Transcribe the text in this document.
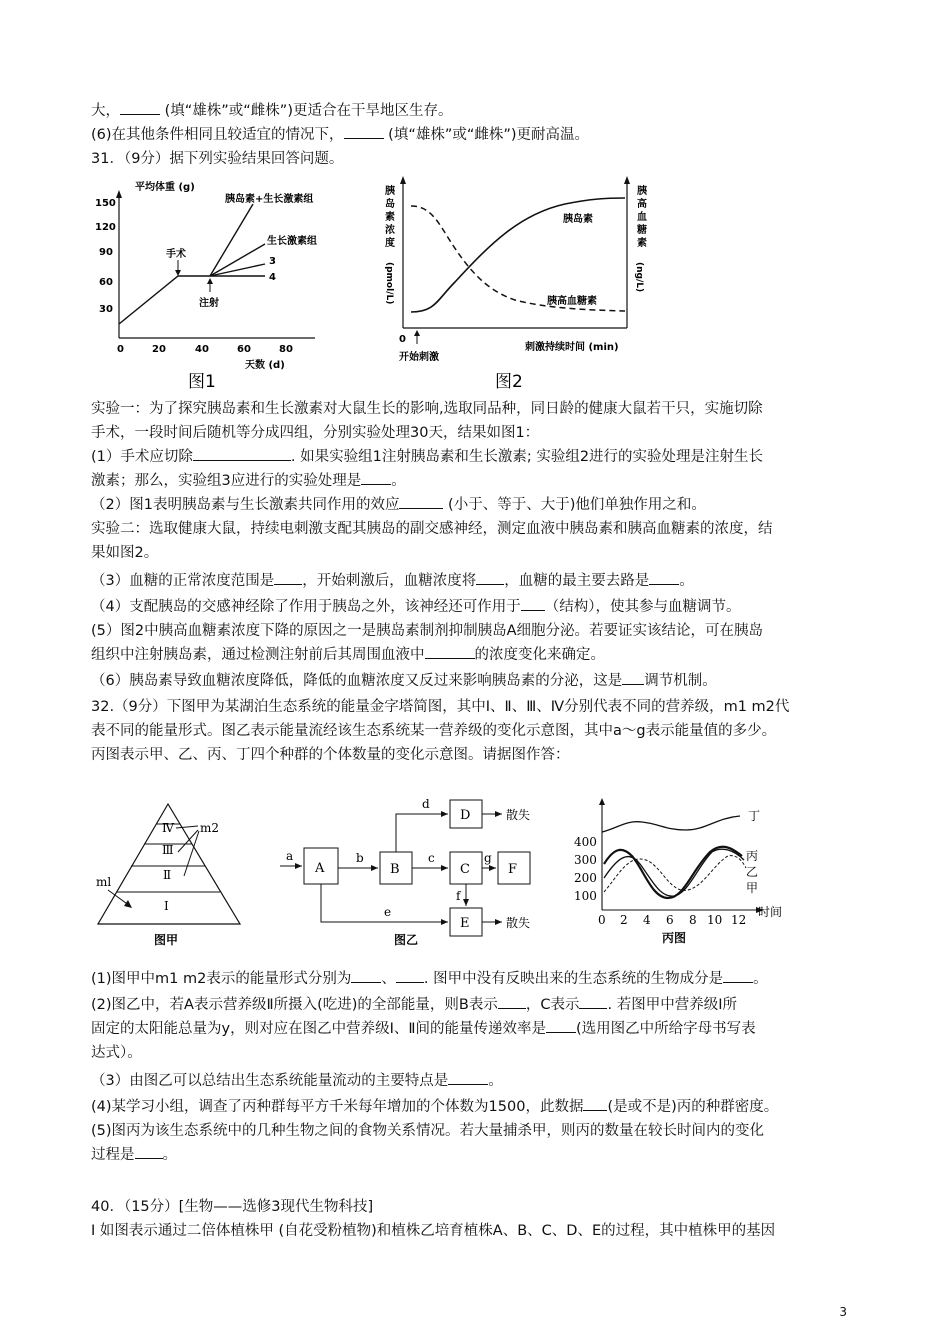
大，	(填“雄株”或“雌株”)更适合在干旱地区生存。
(6)在其他条件相同且较适宜的情况下，	(填“雄株”或“雌株”)更耐高温。
31．（9分）据下列实验结果回答问题。
平均体重 (g)
150
120
90
60
30
0	20	40	60	80
天数 (d)
胰岛素+生长激素组
生长激素组
3
4
手术
注射
图1
胰岛素浓度
(pmol/L)
胰高血糖素
(ng/L)
胰岛素
胰高血糖素
0
开始刺激
刺激持续时间 (min)
图2
实验一：为了探究胰岛素和生长激素对大鼠生长的影响,选取同品种，同日龄的健康大鼠若干只，实施切除
手术，一段时间后随机等分成四组，分别实验处理30天，结果如图1：
(1）手术应切除	. 如果实验组1注射胰岛素和生长激素; 实验组2进行的实验处理是注射生长
激素；那么，实验组3应进行的实验处理是 。
（2）图1表明胰岛素与生长激素共同作用的效应	(小于、等于、大于)他们单独作用之和。
实验二：选取健康大鼠，持续电刺激支配其胰岛的副交感神经，测定血液中胰岛素和胰高血糖素的浓度，结
果如图2。
（3）血糖的正常浓度范围是 ，开始刺激后，血糖浓度将 ，血糖的最主要去路是 。
（4）支配胰岛的交感神经除了作用于胰岛之外，该神经还可作用于 （结构），使其参与血糖调节。
(5）图2中胰高血糖素浓度下降的原因之一是胰岛素制剂抑制胰岛A细胞分泌。若要证实该结论，可在胰岛
组织中注射胰岛素，通过检测注射前后其周围血液中	的浓度变化来确定。
（6）胰岛素导致血糖浓度降低，降低的血糖浓度又反过来影响胰岛素的分泌，这是 调节机制。
32.（9分）下图甲为某湖泊生态系统的能量金字塔简图，其中Ⅰ、Ⅱ、Ⅲ、Ⅳ分别代表不同的营养级，m1 m2代
表不同的能量形式。图乙表示能量流经该生态系统某一营养级的变化示意图，其中a～g表示能量值的多少。
丙图表示甲、乙、丙、丁四个种群的个体数量的变化示意图。请据图作答：
Ⅳ
Ⅲ
Ⅱ
Ⅰ
m2
ml
图甲
A	B	C
D
E
F
a	b	c
d
e
f
g
散失
散失
图乙
400
300
200
100
0 2 4 6 8 10 12
时间
丁
丙
乙
甲
丙图
(1)图甲中m1 m2表示的能量形式分别为 、 . 图甲中没有反映出来的生态系统的生物成分是 。
(2)图乙中，若A表示营养级Ⅱ所摄入(吃进)的全部能量，则B表示 ，C表示 . 若图甲中营养级Ⅰ所
固定的太阳能总量为y，则对应在图乙中营养级Ⅰ、Ⅱ间的能量传递效率是 (选用图乙中所给字母书写表
达式）。
（3）由图乙可以总结出生态系统能量流动的主要特点是	。
(4)某学习小组，调查了丙种群每平方千米每年增加的个体数为1500，此数据 (是或不是)丙的种群密度。
(5)图丙为该生态系统中的几种生物之间的食物关系情况。若大量捕杀甲，则丙的数量在较长时间内的变化
过程是 。
40．（15分）[生物——选修3现代生物科技]
Ⅰ 如图表示通过二倍体植株甲 (自花受粉植物)和植株乙培育植株A、B、C、D、E的过程，其中植株甲的基因
3
